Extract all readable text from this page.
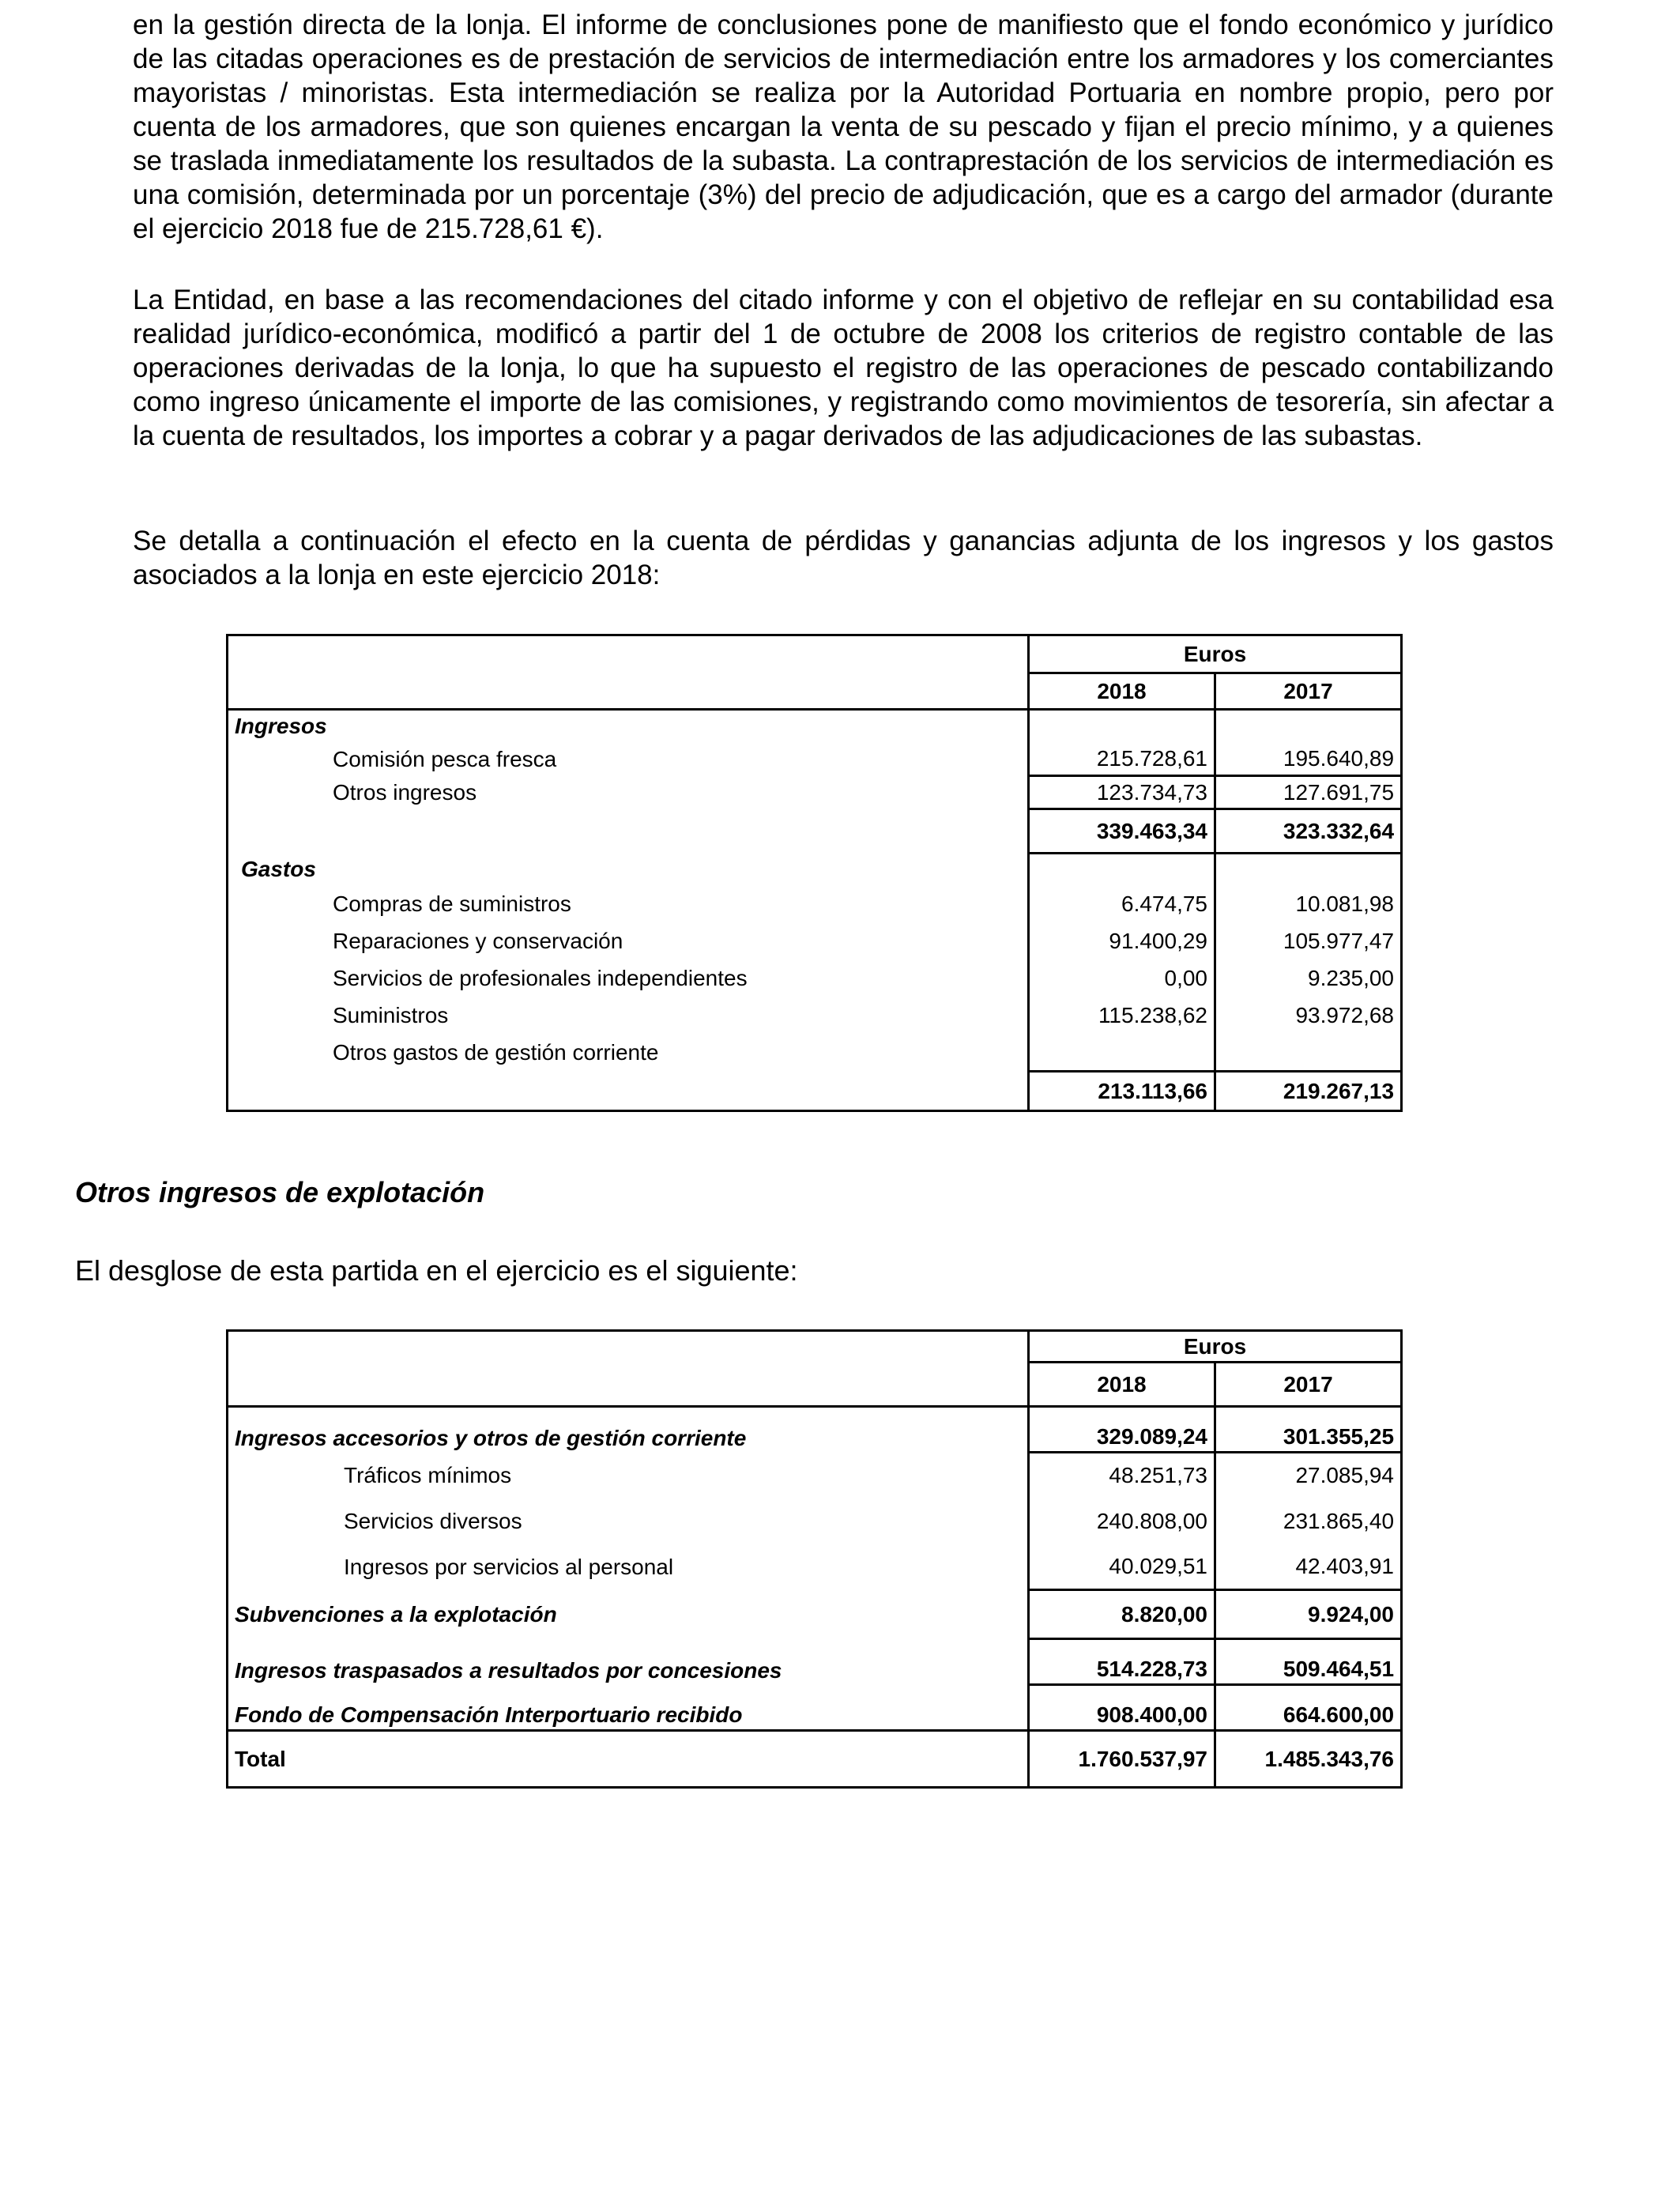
en la gestión directa de la lonja. El informe de conclusiones pone de manifiesto que el fondo económico y jurídico de las citadas operaciones es de prestación de servicios de intermediación entre los armadores y los comerciantes mayoristas / minoristas. Esta intermediación se realiza por la Autoridad Portuaria en nombre propio, pero por cuenta de los armadores, que son quienes encargan la venta de su pescado y fijan el precio mínimo, y a quienes se traslada inmediatamente los resultados de la subasta. La contraprestación de los servicios de intermediación es una comisión, determinada por un porcentaje (3%) del precio de adjudicación, que es a cargo del armador (durante el ejercicio 2018 fue de 215.728,61 €).

La Entidad, en base a las recomendaciones del citado informe y con el objetivo de reflejar en su contabilidad esa realidad jurídico-económica, modificó a partir del 1 de octubre de 2008 los criterios de registro contable de las operaciones derivadas de la lonja, lo que ha supuesto el registro de las operaciones de pescado contabilizando como ingreso únicamente el importe de las comisiones, y registrando como movimientos de tesorería, sin afectar a la cuenta de resultados, los importes a cobrar y a pagar derivados de las adjudicaciones de las subastas.

Se detalla a continuación el efecto en la cuenta de pérdidas y ganancias adjunta de los ingresos y los gastos asociados a la lonja en este ejercicio 2018:

	Euros	
	2018	2017
Ingresos		
Comisión pesca fresca	215.728,61	195.640,89
Otros ingresos	123.734,73	127.691,75
	339.463,34	323.332,64
Gastos		
Compras de suministros	6.474,75	10.081,98
Reparaciones y conservación	91.400,29	105.977,47
Servicios de profesionales independientes	0,00	9.235,00
Suministros	115.238,62	93.972,68
Otros gastos de gestión corriente		
	213.113,66	219.267,13

Otros ingresos de explotación

El desglose de esta partida en el ejercicio es el siguiente:

	Euros	
	2018	2017
Ingresos accesorios y otros de gestión corriente	329.089,24	301.355,25
Tráficos mínimos	48.251,73	27.085,94
Servicios diversos	240.808,00	231.865,40
Ingresos por servicios al personal	40.029,51	42.403,91
Subvenciones a la explotación	8.820,00	9.924,00
Ingresos traspasados a resultados por concesiones	514.228,73	509.464,51
Fondo de Compensación Interportuario recibido	908.400,00	664.600,00
Total	1.760.537,97	1.485.343,76
